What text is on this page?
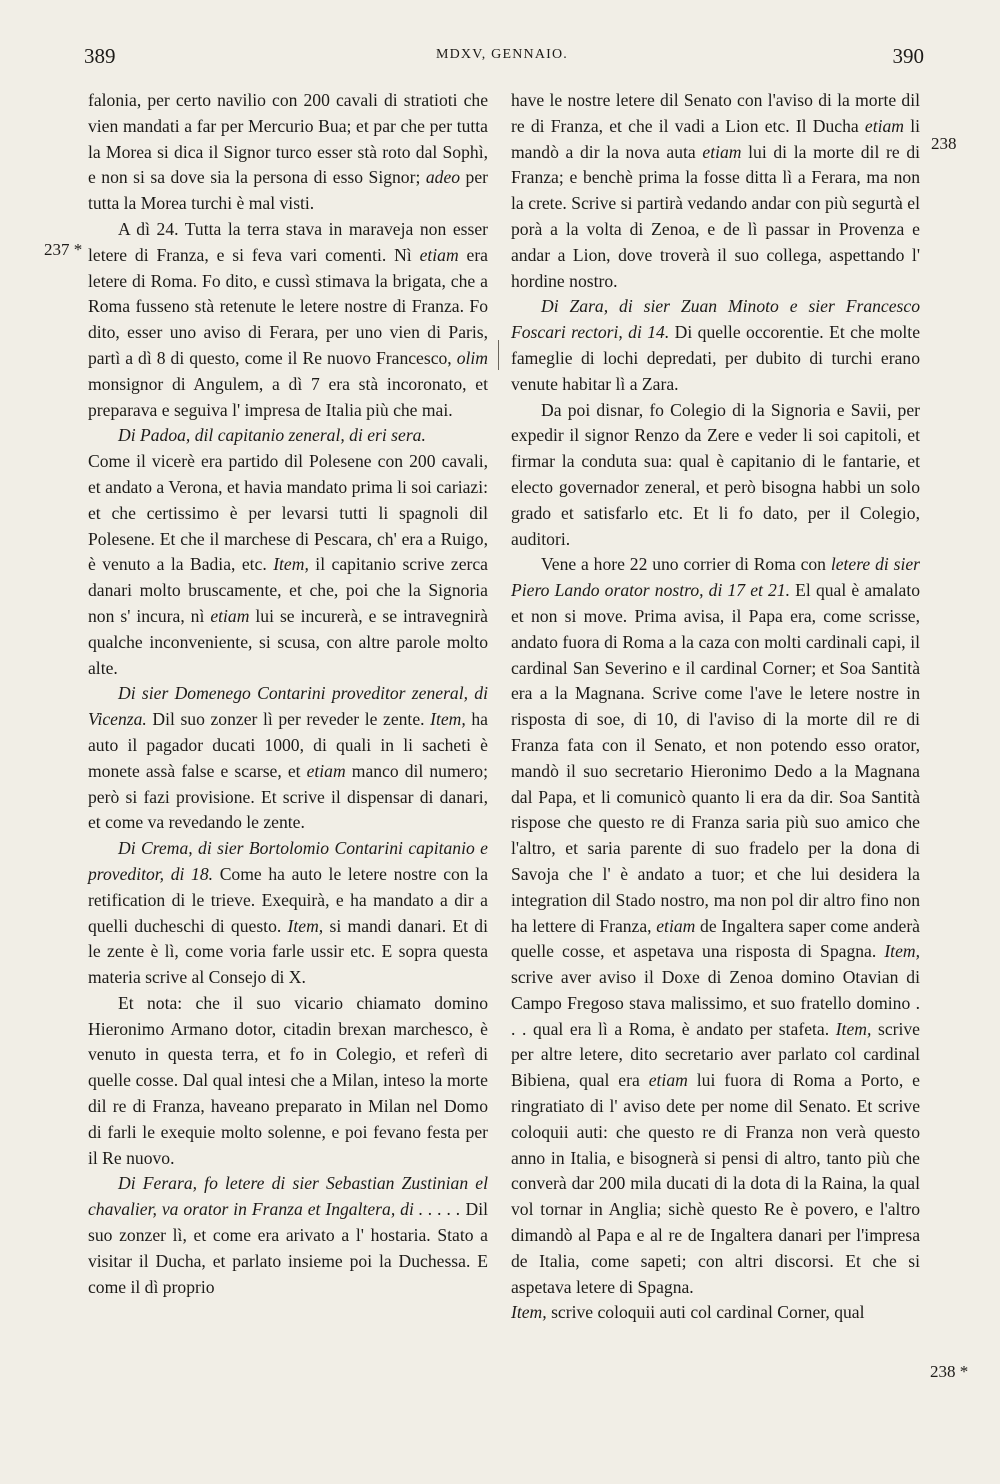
389	MDXV, GENNAIO.	390
237 *
238
238 *

falonia, per certo navilio con 200 cavali di stratioti che vien mandati a far per Mercurio Bua; et par che per tutta la Morea si dica il Signor turco esser stà roto dal Sophì, e non si sa dove sia la persona di esso Signor; adeo per tutta la Morea turchi è mal visti.

A dì 24. Tutta la terra stava in maraveja non esser letere di Franza, e si feva vari comenti. Nì etiam era letere di Roma. Fo dito, e cussì stimava la brigata, che a Roma fusseno stà retenute le letere nostre di Franza. Fo dito, esser uno aviso di Ferara, per uno vien di Paris, partì a dì 8 di questo, come il Re nuovo Francesco, olim monsignor di Angulem, a dì 7 era stà incoronato, et preparava e seguiva l' impresa de Italia più che mai.

Di Padoa, dil capitanio zeneral, di eri sera.

Come il vicerè era partido dil Polesene con 200 cavali, et andato a Verona, et havia mandato prima li soi cariazi: et che certissimo è per levarsi tutti li spagnoli dil Polesene. Et che il marchese di Pescara, ch' era a Ruigo, è venuto a la Badia, etc. Item, il capitanio scrive zerca danari molto bruscamente, et che, poi che la Signoria non s' incura, nì etiam lui se incurerà, e se intravegnirà qualche inconveniente, si scusa, con altre parole molto alte.

Di sier Domenego Contarini proveditor zeneral, di Vicenza. Dil suo zonzer lì per reveder le zente. Item, ha auto il pagador ducati 1000, di quali in li sacheti è monete assà false e scarse, et etiam manco dil numero; però si fazi provisione. Et scrive il dispensar di danari, et come va revedando le zente.

Di Crema, di sier Bortolomio Contarini capitanio e proveditor, di 18. Come ha auto le letere nostre con la retification di le trieve. Exequirà, e ha mandato a dir a quelli ducheschi di questo. Item, si mandi danari. Et di le zente è lì, come voria farle ussir etc. E sopra questa materia scrive al Consejo di X.

Et nota: che il suo vicario chiamato domino Hieronimo Armano dotor, citadin brexan marchesco, è venuto in questa terra, et fo in Colegio, et referì di quelle cosse. Dal qual intesi che a Milan, inteso la morte dil re di Franza, haveano preparato in Milan nel Domo di farli le exequie molto solenne, e poi fevano festa per il Re nuovo.

Di Ferara, fo letere di sier Sebastian Zustinian el chavalier, va orator in Franza et Ingaltera, di . . . . . Dil suo zonzer lì, et come era arivato a l' hostaria. Stato a visitar il Ducha, et parlato insieme poi la Duchessa. E come il dì proprio

have le nostre letere dil Senato con l'aviso di la morte dil re di Franza, et che il vadi a Lion etc. Il Ducha etiam li mandò a dir la nova auta etiam lui di la morte dil re di Franza; e benchè prima la fosse ditta lì a Ferara, ma non la crete. Scrive si partirà vedando andar con più segurtà el porà a la volta di Zenoa, e de lì passar in Provenza e andar a Lion, dove troverà il suo collega, aspettando l' hordine nostro.

Di Zara, di sier Zuan Minoto e sier Francesco Foscari rectori, di 14. Di quelle occorentie. Et che molte fameglie di lochi depredati, per dubito di turchi erano venute habitar lì a Zara.

Da poi disnar, fo Colegio di la Signoria e Savii, per expedir il signor Renzo da Zere e veder li soi capitoli, et firmar la conduta sua: qual è capitanio di le fantarie, et electo governador zeneral, et però bisogna habbi un solo grado et satisfarlo etc. Et li fo dato, per il Colegio, auditori.

Vene a hore 22 uno corrier di Roma con letere di sier Piero Lando orator nostro, di 17 et 21. El qual è amalato et non si move. Prima avisa, il Papa era, come scrisse, andato fuora di Roma a la caza con molti cardinali capi, il cardinal San Severino e il cardinal Corner; et Soa Santità era a la Magnana. Scrive come l'ave le letere nostre in risposta di soe, di 10, di l'aviso di la morte dil re di Franza fata con il Senato, et non potendo esso orator, mandò il suo secretario Hieronimo Dedo a la Magnana dal Papa, et li comunicò quanto li era da dir. Soa Santità rispose che questo re di Franza saria più suo amico che l'altro, et saria parente di suo fradelo per la dona di Savoja che l' è andato a tuor; et che lui desidera la integration dil Stado nostro, ma non pol dir altro fino non ha lettere di Franza, etiam de Ingaltera saper come anderà quelle cosse, et aspetava una risposta di Spagna. Item, scrive aver aviso il Doxe di Zenoa domino Otavian di Campo Fregoso stava malissimo, et suo fratello domino . . . qual era lì a Roma, è andato per stafeta. Item, scrive per altre letere, dito secretario aver parlato col cardinal Bibiena, qual era etiam lui fuora di Roma a Porto, e ringratiato di l' aviso dete per nome dil Senato. Et scrive coloquii auti: che questo re di Franza non verà questo anno in Italia, e bisognerà si pensi di altro, tanto più che converà dar 200 mila ducati di la dota di la Raina, la qual vol tornar in Anglia; sichè questo Re è povero, e l'altro dimandò al Papa e al re de Ingaltera danari per l'impresa de Italia, come sapeti; con altri discorsi. Et che si aspetava letere di Spagna.

Item, scrive coloquii auti col cardinal Corner, qual
